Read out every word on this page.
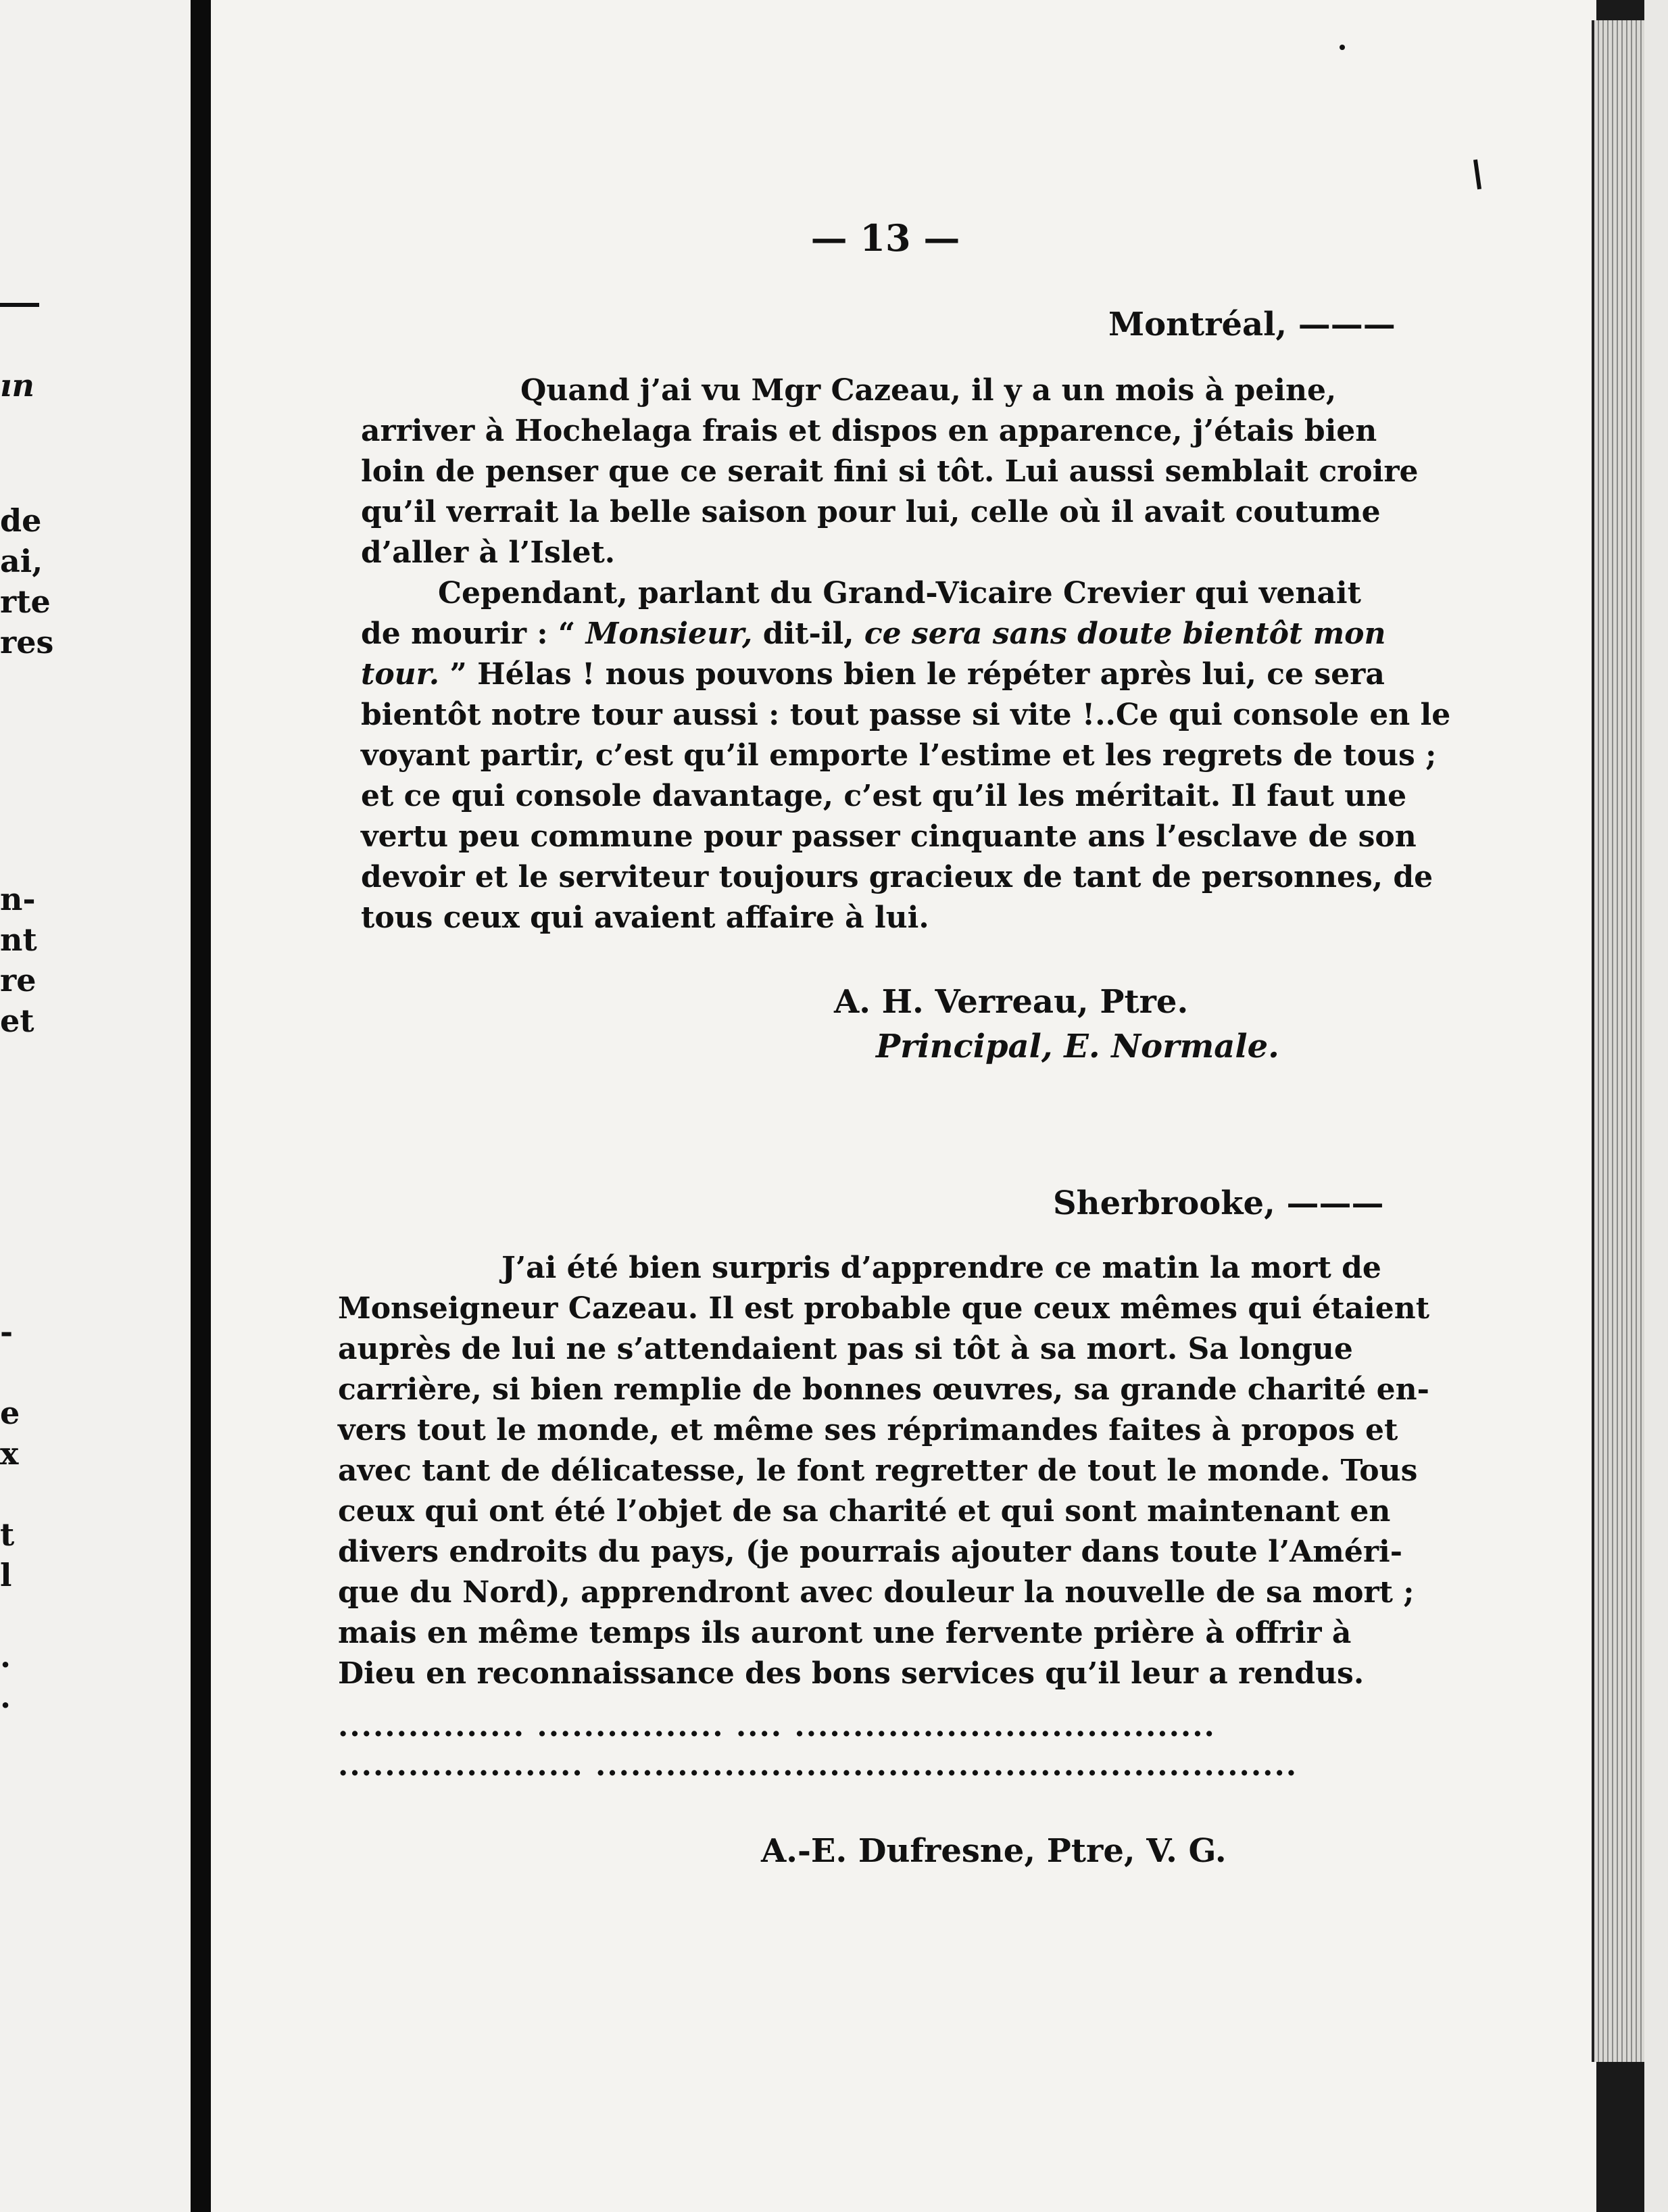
ın
de
ai,
rte
res
n-
nt
re
et
-
e
x
t
l
.
.
— 13 —
Montréal, ———
Quand j’ai vu Mgr Cazeau, il y a un mois à peine,
arriver à Hochelaga frais et dispos en apparence, j’étais bien
loin de penser que ce serait fini si tôt. Lui aussi semblait croire
qu’il verrait la belle saison pour lui, celle où il avait coutume
d’aller à l’Islet.
Cependant, parlant du Grand-Vicaire Crevier qui venait
de mourir : “ Monsieur, dit-il, ce sera sans doute bientôt mon
tour. ” Hélas ! nous pouvons bien le répéter après lui, ce sera
bientôt notre tour aussi : tout passe si vite !..Ce qui console en le
voyant partir, c’est qu’il emporte l’estime et les regrets de tous ;
et ce qui console davantage, c’est qu’il les méritait. Il faut une
vertu peu commune pour passer cinquante ans l’esclave de son
devoir et le serviteur toujours gracieux de tant de personnes, de
tous ceux qui avaient affaire à lui.
A. H. Verreau, Ptre.
Principal, E. Normale.
Sherbrooke, ———
J’ai été bien surpris d’apprendre ce matin la mort de
Monseigneur Cazeau. Il est probable que ceux mêmes qui étaient
auprès de lui ne s’attendaient pas si tôt à sa mort. Sa longue
carrière, si bien remplie de bonnes œuvres, sa grande charité en-
vers tout le monde, et même ses réprimandes faites à propos et
avec tant de délicatesse, le font regretter de tout le monde. Tous
ceux qui ont été l’objet de sa charité et qui sont maintenant en
divers endroits du pays, (je pourrais ajouter dans toute l’Améri-
que du Nord), apprendront avec douleur la nouvelle de sa mort ;
mais en même temps ils auront une fervente prière à offrir à
Dieu en reconnaissance des bons services qu’il leur a rendus.
................ ................ .... ....................................
..................... ............................................................
A.-E. Dufresne, Ptre, V. G.
